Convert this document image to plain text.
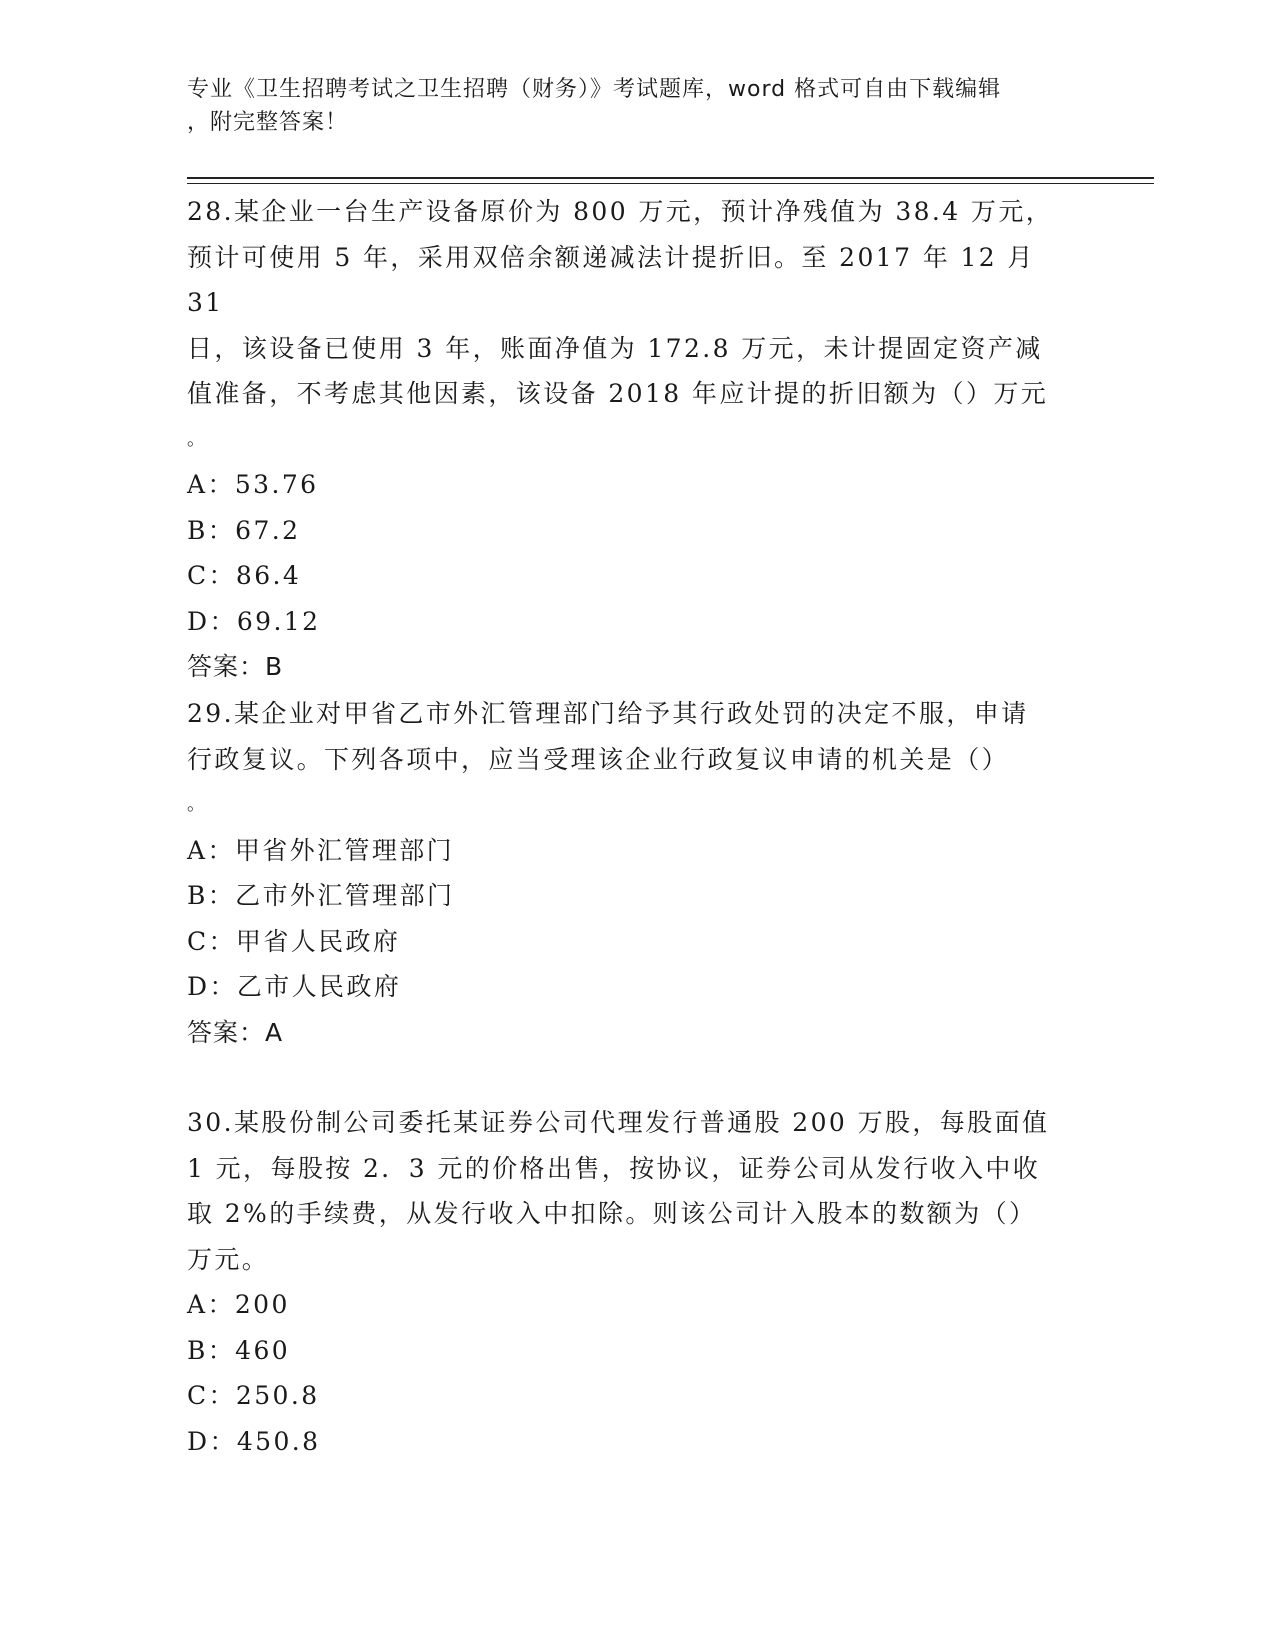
专业《卫生招聘考试之卫生招聘（财务）》考试题库，word 格式可自由下载编辑
，附完整答案！

28.某企业一台生产设备原价为 800 万元，预计净残值为 38.4 万元，

预计可使用 5 年，采用双倍余额递减法计提折旧。至 2017 年 12 月 31

日，该设备已使用 3 年，账面净值为 172.8 万元，未计提固定资产减

值准备，不考虑其他因素，该设备 2018 年应计提的折旧额为（）万元

。

A：53.76

B：67.2

C：86.4

D：69.12

答案：B

29.某企业对甲省乙市外汇管理部门给予其行政处罚的决定不服，申请

行政复议。下列各项中，应当受理该企业行政复议申请的机关是（）

。

A：甲省外汇管理部门

B：乙市外汇管理部门

C：甲省人民政府

D：乙市人民政府

答案：A

30.某股份制公司委托某证券公司代理发行普通股 200 万股，每股面值

1 元，每股按 2．3 元的价格出售，按协议，证券公司从发行收入中收

取 2%的手续费，从发行收入中扣除。则该公司计入股本的数额为（）

万元。

A：200

B：460

C：250.8

D：450.8
